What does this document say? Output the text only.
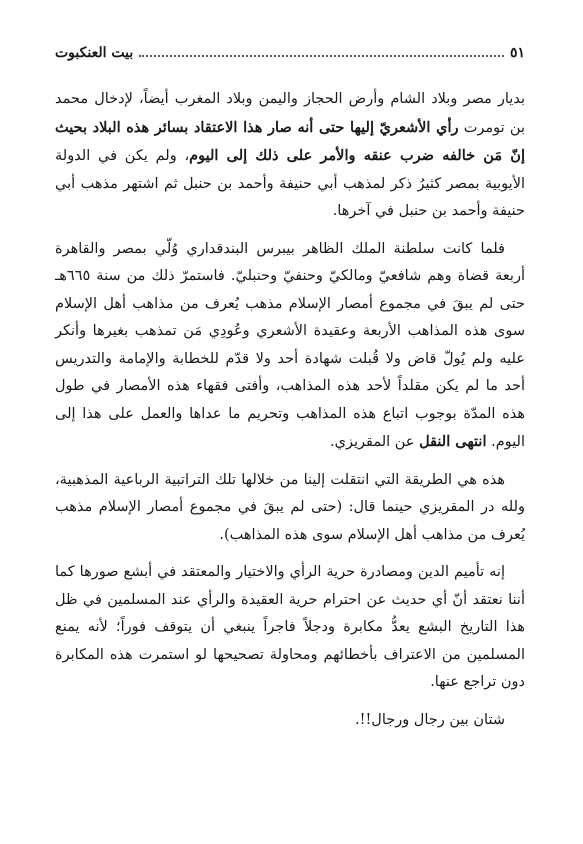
٥١
بيت العنكبوت

بديار مصر وبلاد الشام وأرض الحجاز واليمن وبلاد المغرب أيضاً، لإدخال محمد بن تومرت رأي الأشعريّ إليها حتى أنه صار هذا الاعتقاد بسائر هذه البلاد بحيث إنّ مَن خالفه ضرب عنقه والأمر على ذلك إلى اليوم، ولم يكن في الدولة الأيوبية بمصر كثيرُ ذكر لمذهب أبي حنيفة وأحمد بن حنبل ثم اشتهر مذهب أبي حنيفة وأحمد بن حنبل في آخرها.

فلما كانت سلطنة الملك الظاهر بيبرس البندقداري وُلّي بمصر والقاهرة أربعة قضاة وهم شافعيّ ومالكيّ وحنفيّ وحنبليّ. فاستمرّ ذلك من سنة ٦٦٥هـ حتى لم يبقَ في مجموع أمصار الإسلام مذهب يُعرف من مذاهب أهل الإسلام سوى هذه المذاهب الأربعة وعقيدة الأشعري وعُودِي مَن تمذهب بغيرها وأنكر عليه ولم يُولّ قاض ولا قُبلت شهادة أحد ولا قدّم للخطابة والإمامة والتدريس أحد ما لم يكن مقلداً لأحد هذه المذاهب، وأفتى فقهاء هذه الأمصار في طول هذه المدّة بوجوب اتباع هذه المذاهب وتحريم ما عداها والعمل على هذا إلى اليوم. انتهى النقل عن المقريزي.

هذه هي الطريقة التي انتقلت إلينا من خلالها تلك التراتبية الرباعية المذهبية، ولله در المقريزي حينما قال: (حتى لم يبقَ في مجموع أمصار الإسلام مذهب يُعرف من مذاهب أهل الإسلام سوى هذه المذاهب).

إنه تأميم الدين ومصادرة حرية الرأي والاختيار والمعتقد في أبشع صورها كما أننا نعتقد أنّ أي حديث عن احترام حرية العقيدة والرأي عند المسلمين في ظل هذا التاريخ البشع يعدُّ مكابرة ودجلاً فاجراً ينبغي أن يتوقف فوراً؛ لأنه يمنع المسلمين من الاعتراف بأخطائهم ومحاولة تصحيحها لو استمرت هذه المكابرة دون تراجع عنها.

شتان بين رجال ورجال!!.
